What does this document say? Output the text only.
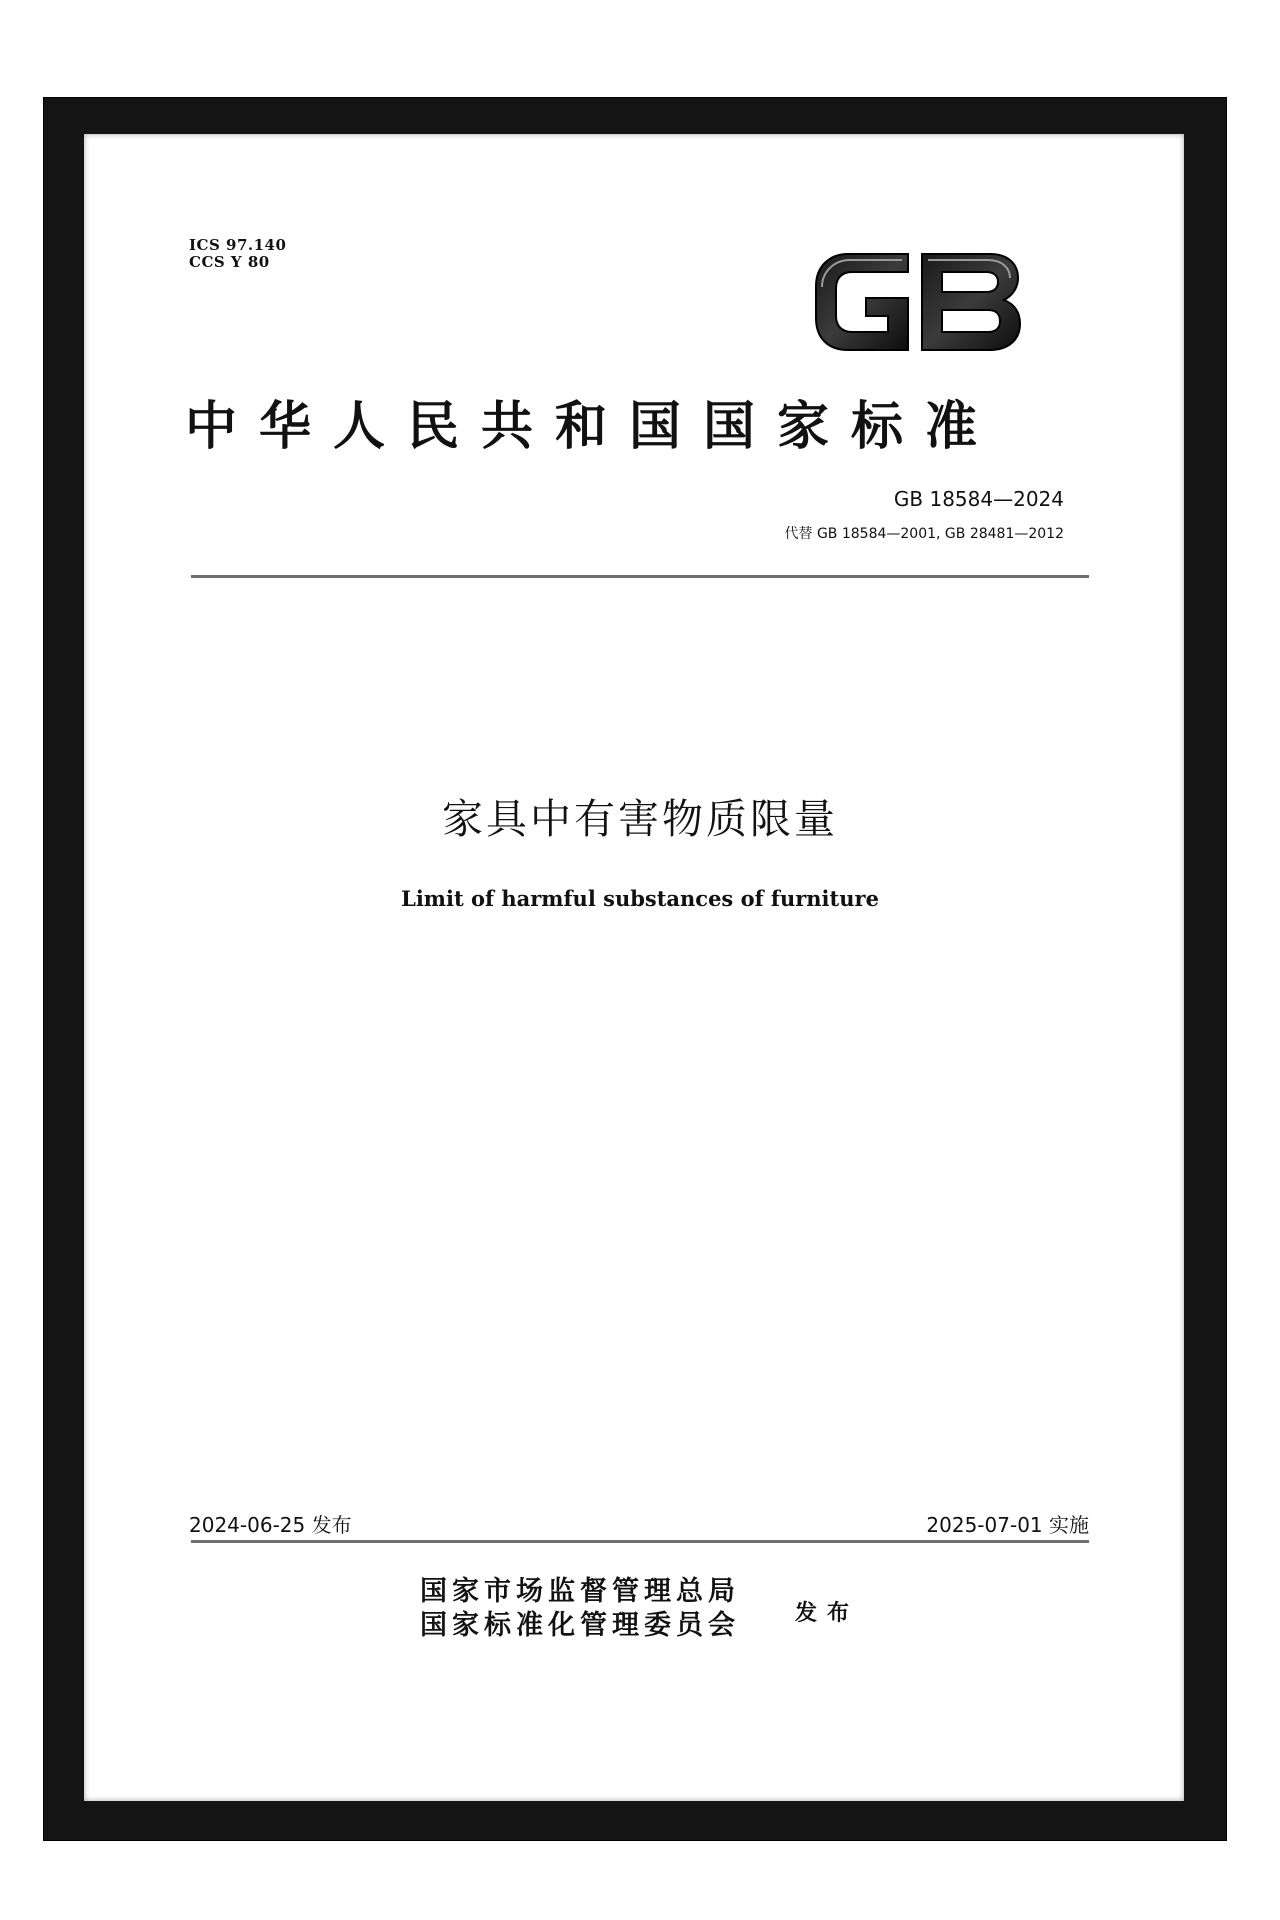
ICS 97.140
CCS Y 80
中华人民共和国国家标准
GB 18584—2024
代替 GB 18584—2001, GB 28481—2012
家具中有害物质限量
Limit of harmful substances of furniture
2024-06-25 发布	2025-07-01 实施
国家市场监督管理总局
国家标准化管理委员会	发布
